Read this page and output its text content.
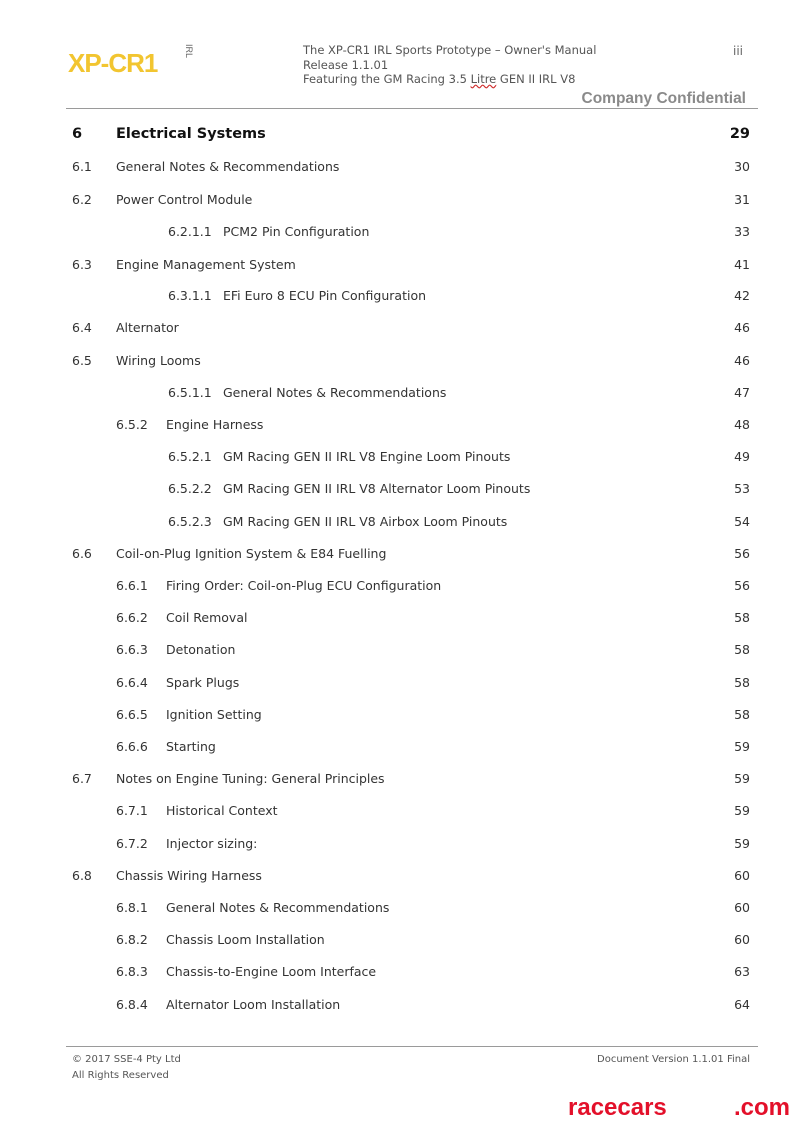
XP-CR1	IRL	The XP-CR1 IRL Sports Prototype – Owner's Manual
Release 1.1.01
Featuring the GM Racing 3.5 Litre GEN II IRL V8
iii
Company Confidential
6 Electrical Systems	29
6.1 General Notes & Recommendations	30
6.2 Power Control Module	31
6.2.1.1 PCM2 Pin Configuration	33
6.3 Engine Management System	41
6.3.1.1 EFi Euro 8 ECU Pin Configuration	42
6.4 Alternator	46
6.5 Wiring Looms	46
6.5.1.1 General Notes & Recommendations	47
6.5.2 Engine Harness	48
6.5.2.1 GM Racing GEN II IRL V8 Engine Loom Pinouts	49
6.5.2.2 GM Racing GEN II IRL V8 Alternator Loom Pinouts	53
6.5.2.3 GM Racing GEN II IRL V8 Airbox Loom Pinouts	54
6.6 Coil-on-Plug Ignition System & E84 Fuelling	56
6.6.1 Firing Order: Coil-on-Plug ECU Configuration	56
6.6.2 Coil Removal	58
6.6.3 Detonation	58
6.6.4 Spark Plugs	58
6.6.5 Ignition Setting	58
6.6.6 Starting	59
6.7 Notes on Engine Tuning: General Principles	59
6.7.1 Historical Context	59
6.7.2 Injector sizing:	59
6.8 Chassis Wiring Harness	60
6.8.1 General Notes & Recommendations	60
6.8.2 Chassis Loom Installation	60
6.8.3 Chassis-to-Engine Loom Interface	63
6.8.4 Alternator Loom Installation	64
© 2017 SSE-4 Pty Ltd
All Rights Reserved
Document Version 1.1.01 Final
racecars	.com
